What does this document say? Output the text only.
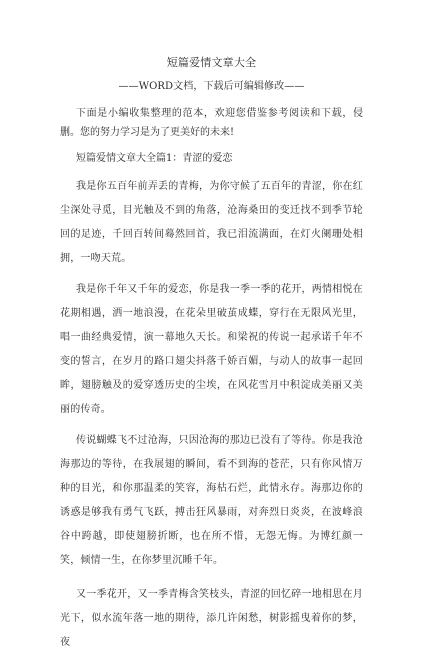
短篇爱情文章大全

——WORD文档，下载后可编辑修改——

下面是小编收集整理的范本，欢迎您借鉴参考阅读和下载，侵删。您的努力学习是为了更美好的未来!

短篇爱情文章大全篇1：青涩的爱恋

我是你五百年前弄丢的青梅，为你守候了五百年的青涩，你在红尘深处寻觅，目光触及不到的角落，沧海桑田的变迁找不到季节轮回的足迹，千回百转间蓦然回首，我已泪流满面，在灯火阑珊处相拥，一吻天荒。

我是你千年又千年的爱恋，你是我一季一季的花开，两情相悦在花期相遇，洒一地浪漫，在花朵里破茧成蝶，穿行在无限风光里，唱一曲经典爱情，演一幕地久天长。和梁祝的传说一起承诺千年不变的誓言，在岁月的路口翅尖抖落千娇百媚，与动人的故事一起回眸，翅膀触及的爱穿透历史的尘埃，在风花雪月中积淀成美丽又美丽的传奇。

传说蝴蝶飞不过沧海，只因沧海的那边已没有了等待。你是我沧海那边的等待，在我展翅的瞬间，看不到海的苍茫，只有你风情万种的目光，和你那温柔的笑容，海枯石烂，此情永存。海那边你的诱惑是够我有勇气飞跃，搏击狂风暴雨，对奔烈日炎炎，在波峰浪谷中跨越，即使翅膀折断，也在所不惜，无怨无悔。为博红颜一笑，倾情一生，在你梦里沉睡千年。

又一季花开，又一季青梅含笑枝头，青涩的回忆碎一地相思在月光下，似水流年落一地的期待，添几许闲愁，树影摇曳着你的梦，夜
